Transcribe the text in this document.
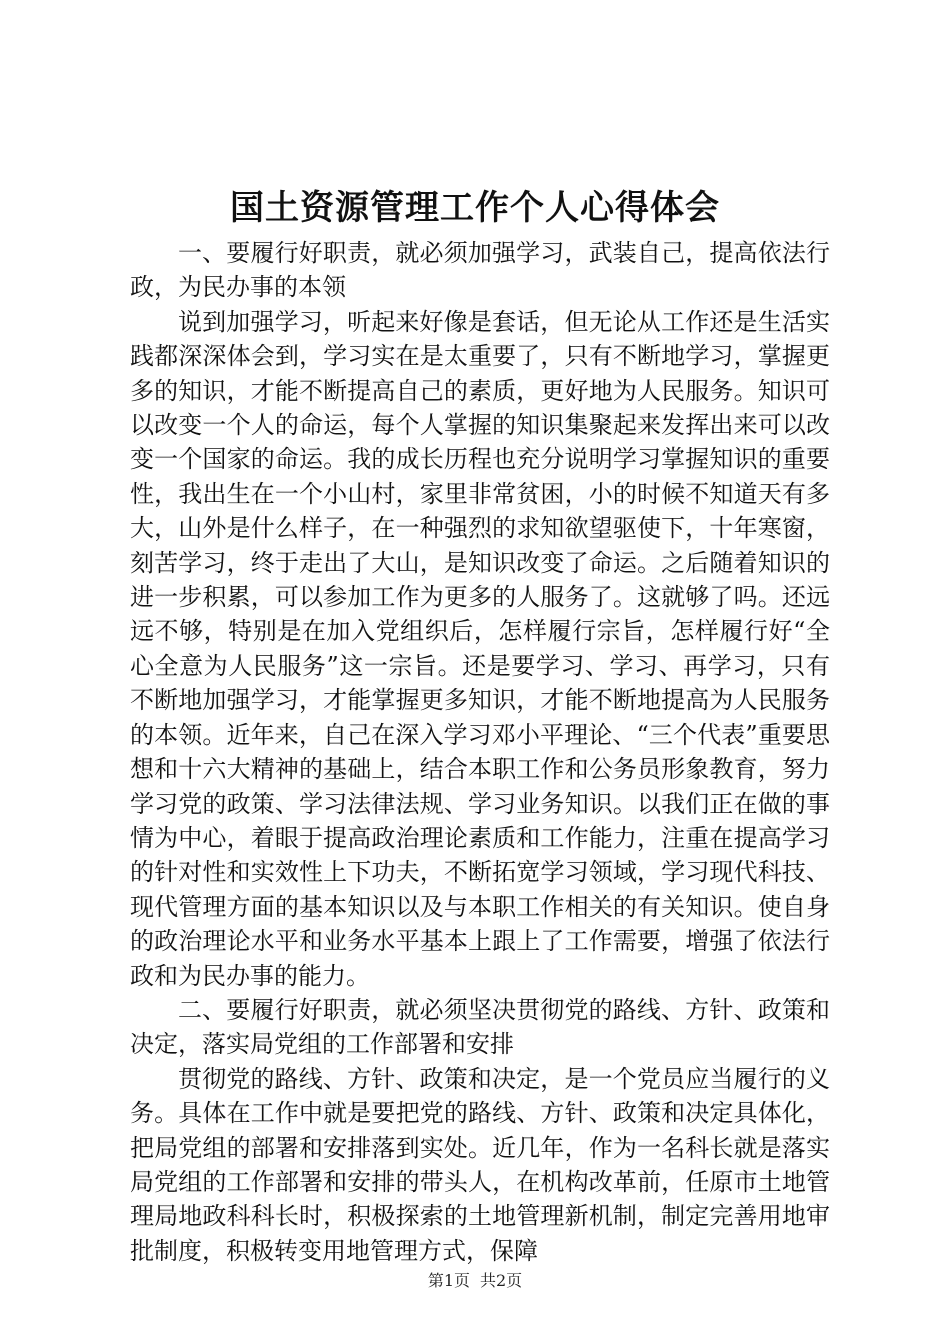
国土资源管理工作个人心得体会

一、要履行好职责，就必须加强学习，武装自己，提高依法行政，为民办事的本领

说到加强学习，听起来好像是套话，但无论从工作还是生活实践都深深体会到，学习实在是太重要了，只有不断地学习，掌握更多的知识，才能不断提高自己的素质，更好地为人民服务。知识可以改变一个人的命运，每个人掌握的知识集聚起来发挥出来可以改变一个国家的命运。我的成长历程也充分说明学习掌握知识的重要性，我出生在一个小山村，家里非常贫困，小的时候不知道天有多大，山外是什么样子，在一种强烈的求知欲望驱使下，十年寒窗，刻苦学习，终于走出了大山，是知识改变了命运。之后随着知识的进一步积累，可以参加工作为更多的人服务了。这就够了吗。还远远不够，特别是在加入党组织后，怎样履行宗旨，怎样履行好“全心全意为人民服务”这一宗旨。还是要学习、学习、再学习，只有不断地加强学习，才能掌握更多知识，才能不断地提高为人民服务的本领。近年来，自己在深入学习邓小平理论、“三个代表”重要思想和十六大精神的基础上，结合本职工作和公务员形象教育，努力学习党的政策、学习法律法规、学习业务知识。以我们正在做的事情为中心，着眼于提高政治理论素质和工作能力，注重在提高学习的针对性和实效性上下功夫，不断拓宽学习领域，学习现代科技、现代管理方面的基本知识以及与本职工作相关的有关知识。使自身的政治理论水平和业务水平基本上跟上了工作需要，增强了依法行政和为民办事的能力。

二、要履行好职责，就必须坚决贯彻党的路线、方针、政策和决定，落实局党组的工作部署和安排

贯彻党的路线、方针、政策和决定，是一个党员应当履行的义务。具体在工作中就是要把党的路线、方针、政策和决定具体化，把局党组的部署和安排落到实处。近几年，作为一名科长就是落实局党组的工作部署和安排的带头人，在机构改革前，任原市土地管理局地政科科长时，积极探索的土地管理新机制，制定完善用地审批制度，积极转变用地管理方式，保障

第1页 共2页
